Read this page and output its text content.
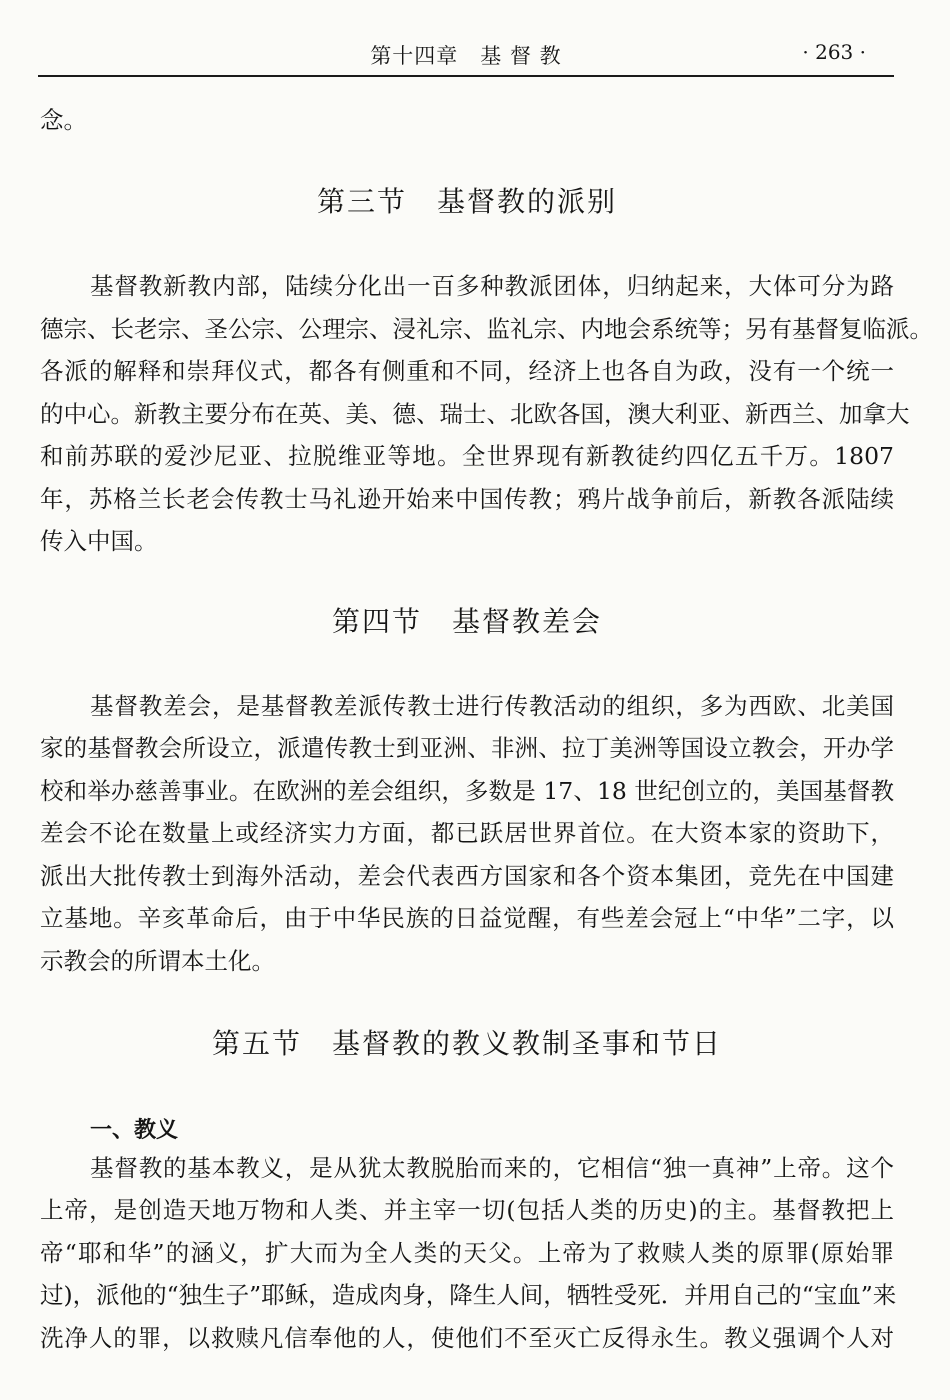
第十四章　基 督 教	· 263 ·
念。
第三节　基督教的派别
基督教新教内部，陆续分化出一百多种教派团体，归纳起来，大体可分为路
德宗、长老宗、圣公宗、公理宗、浸礼宗、监礼宗、内地会系统等；另有基督复临派。
各派的解释和崇拜仪式，都各有侧重和不同，经济上也各自为政，没有一个统一
的中心。新教主要分布在英、美、德、瑞士、北欧各国，澳大利亚、新西兰、加拿大
和前苏联的爱沙尼亚、拉脱维亚等地。全世界现有新教徒约四亿五千万。1807
年，苏格兰长老会传教士马礼逊开始来中国传教；鸦片战争前后，新教各派陆续
传入中国。
第四节　基督教差会
基督教差会，是基督教差派传教士进行传教活动的组织，多为西欧、北美国
家的基督教会所设立，派遣传教士到亚洲、非洲、拉丁美洲等国设立教会，开办学
校和举办慈善事业。在欧洲的差会组织，多数是 17、18 世纪创立的，美国基督教
差会不论在数量上或经济实力方面，都已跃居世界首位。在大资本家的资助下，
派出大批传教士到海外活动，差会代表西方国家和各个资本集团，竞先在中国建
立基地。辛亥革命后，由于中华民族的日益觉醒，有些差会冠上“中华”二字，以
示教会的所谓本土化。
第五节　基督教的教义教制圣事和节日
一、教义
基督教的基本教义，是从犹太教脱胎而来的，它相信“独一真神”上帝。这个
上帝，是创造天地万物和人类、并主宰一切(包括人类的历史)的主。基督教把上
帝“耶和华”的涵义，扩大而为全人类的天父。上帝为了救赎人类的原罪(原始罪
过)，派他的“独生子”耶稣，造成肉身，降生人间，牺牲受死．并用自己的“宝血”来
洗净人的罪，以救赎凡信奉他的人，使他们不至灭亡反得永生。教义强调个人对
